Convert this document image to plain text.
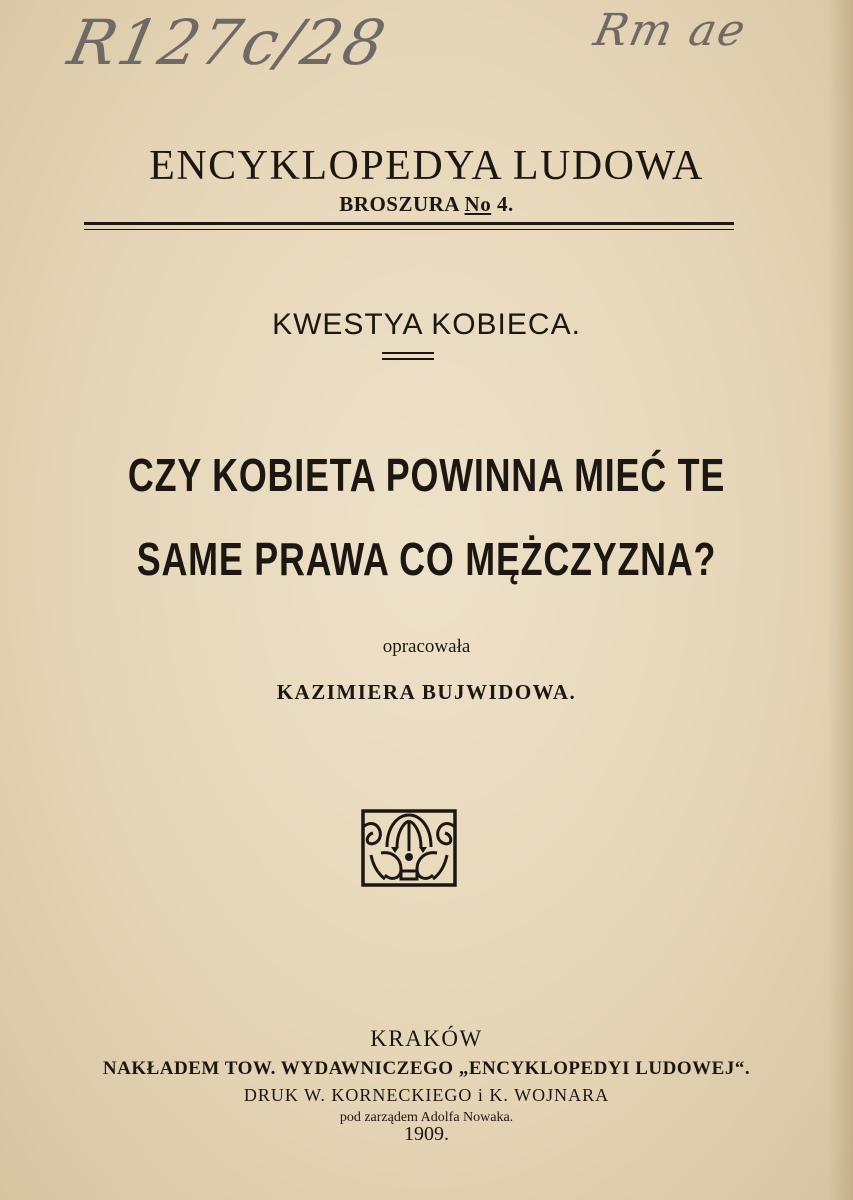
R127c/28	Rm ae
ENCYKLOPEDYA LUDOWA
BROSZURA No 4.
KWESTYA KOBIECA.
CZY KOBIETA POWINNA MIEĆ TE
SAME PRAWA CO MĘŻCZYZNA?
opracowała
KAZIMIERA BUJWIDOWA.
KRAKÓW
NAKŁADEM TOW. WYDAWNICZEGO „ENCYKLOPEDYI LUDOWEJ“.
DRUK W. KORNECKIEGO i K. WOJNARA
pod zarządem Adolfa Nowaka.
1909.
